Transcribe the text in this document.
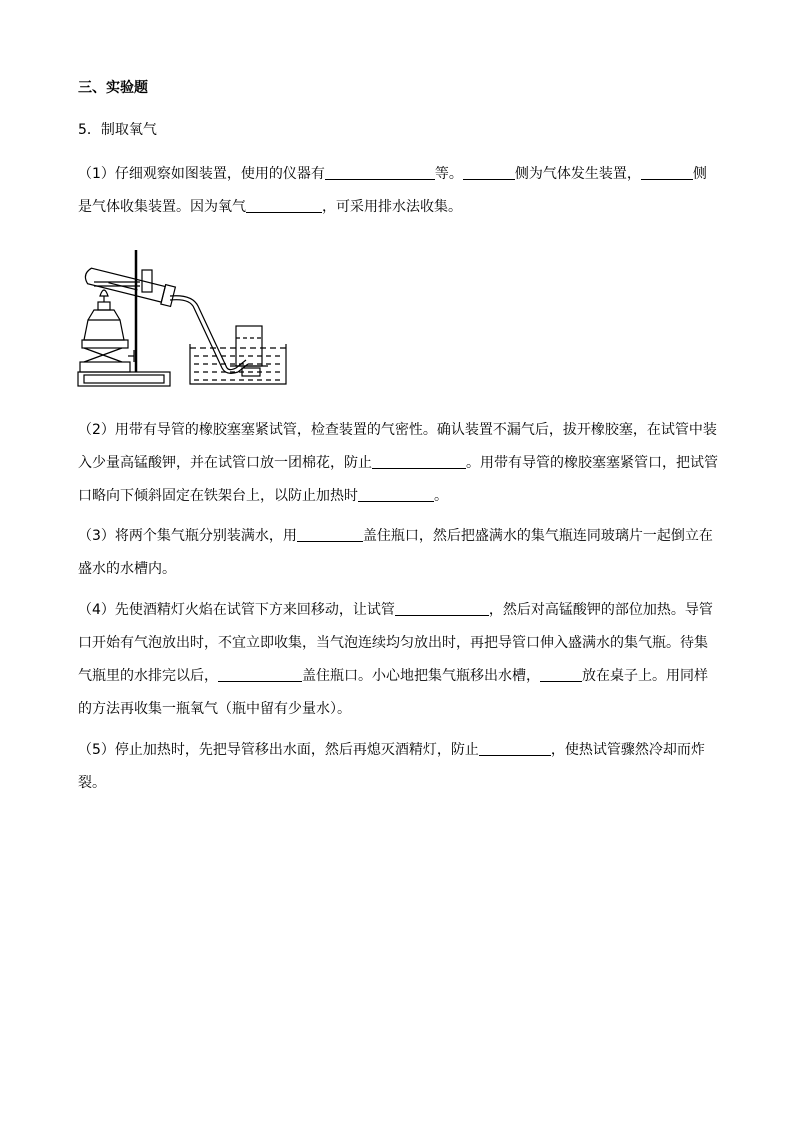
三、实验题
5．制取氧气
（1）仔细观察如图装置，使用的仪器有	等。	侧为气体发生装置，	侧是气体收集装置。因为氧气	，可采用排水法收集。
（2）用带有导管的橡胶塞塞紧试管，检查装置的气密性。确认装置不漏气后，拔开橡胶塞，在试管中装入少量高锰酸钾，并在试管口放一团棉花，防止	。用带有导管的橡胶塞塞紧管口，把试管口略向下倾斜固定在铁架台上，以防止加热时	。
（3）将两个集气瓶分别装满水，用	盖住瓶口，然后把盛满水的集气瓶连同玻璃片一起倒立在盛水的水槽内。
（4）先使酒精灯火焰在试管下方来回移动，让试管	，然后对高锰酸钾的部位加热。导管口开始有气泡放出时，不宜立即收集，当气泡连续均匀放出时，再把导管口伸入盛满水的集气瓶。待集气瓶里的水排完以后，	盖住瓶口。小心地把集气瓶移出水槽，	放在桌子上。用同样的方法再收集一瓶氧气（瓶中留有少量水）。
（5）停止加热时，先把导管移出水面，然后再熄灭酒精灯，防止	，使热试管骤然冷却而炸裂。
